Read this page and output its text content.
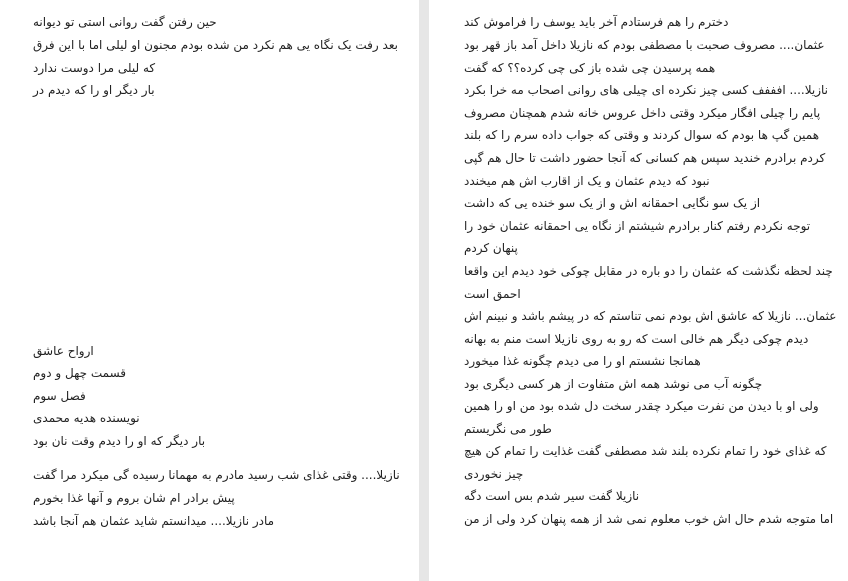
حین رفتن گفت روانی استی تو دیوانه
بعد رفت یک نگاه یی هم نکرد من شده بودم مجنون او لیلی اما با این فرق
که لیلی مرا دوست ندارد
بار دیگر او را که دیدم در
ارواح عاشق
قسمت چهل و دوم
فصل سوم
نویسنده هدیه محمدی
بار دیگر که او را دیدم وقت نان بود
نازیلا.... وقتی غذای شب رسید مادرم به مهمانا رسیده گی میکرد مرا گفت
پیش برادر ام شان بروم و آنها غذا بخورم
مادر نازیلا.... میدانستم شاید عثمان هم آنجا باشد
دخترم را هم فرستادم آخر باید یوسف را فراموش کند
عثمان.... مصروف صحبت با مصطفی بودم که نازیلا داخل آمد باز قهر بود
همه پرسیدن چی شده باز کی چی کرده؟؟ که گفت
نازیلا.... افففف کسی چیز نکرده ای چیلی های روانی اصحاب مه خرا بکرد
پایم را چیلی افگار میکرد وقتی داخل عروس خانه شدم همچنان مصروف
همین گپ ها بودم که سوال کردند و وقتی که جواب داده سرم را که بلند
کردم برادرم خندید سپس هم کسانی که آنجا حضور داشت تا حال هم گپی
نبود که دیدم عثمان و یک از اقارب اش هم میخندد
از یک سو نگایی احمقانه اش و از یک سو خنده یی که داشت
توجه نکردم رفتم کنار برادرم شیشتم از نگاه یی احمقانه عثمان خود را
پنهان کردم
چند لحظه نگذشت که عثمان را دو باره در مقابل چوکی خود دیدم این واقعا
احمق است
عثمان... نازیلا که عاشق اش بودم نمی تناستم که در پیشم باشد و نبینم اش
دیدم چوکی دیگر هم خالی است که رو به روی نازیلا است منم به بهانه
همانجا نشستم او را می دیدم چگونه غذا میخورد
چگونه آب می نوشد همه اش متفاوت از هر کسی دیگری بود
ولی او با دیدن من نفرت میکرد چقدر سخت دل شده بود من او را همین
طور می نگریستم
که غذای خود را تمام نکرده بلند شد مصطفی گفت غذایت را تمام کن هیچ
چیز نخوردی
نازیلا گفت سیر شدم بس است دگه
اما متوجه شدم حال اش خوب معلوم نمی شد از همه پنهان کرد ولی از من
